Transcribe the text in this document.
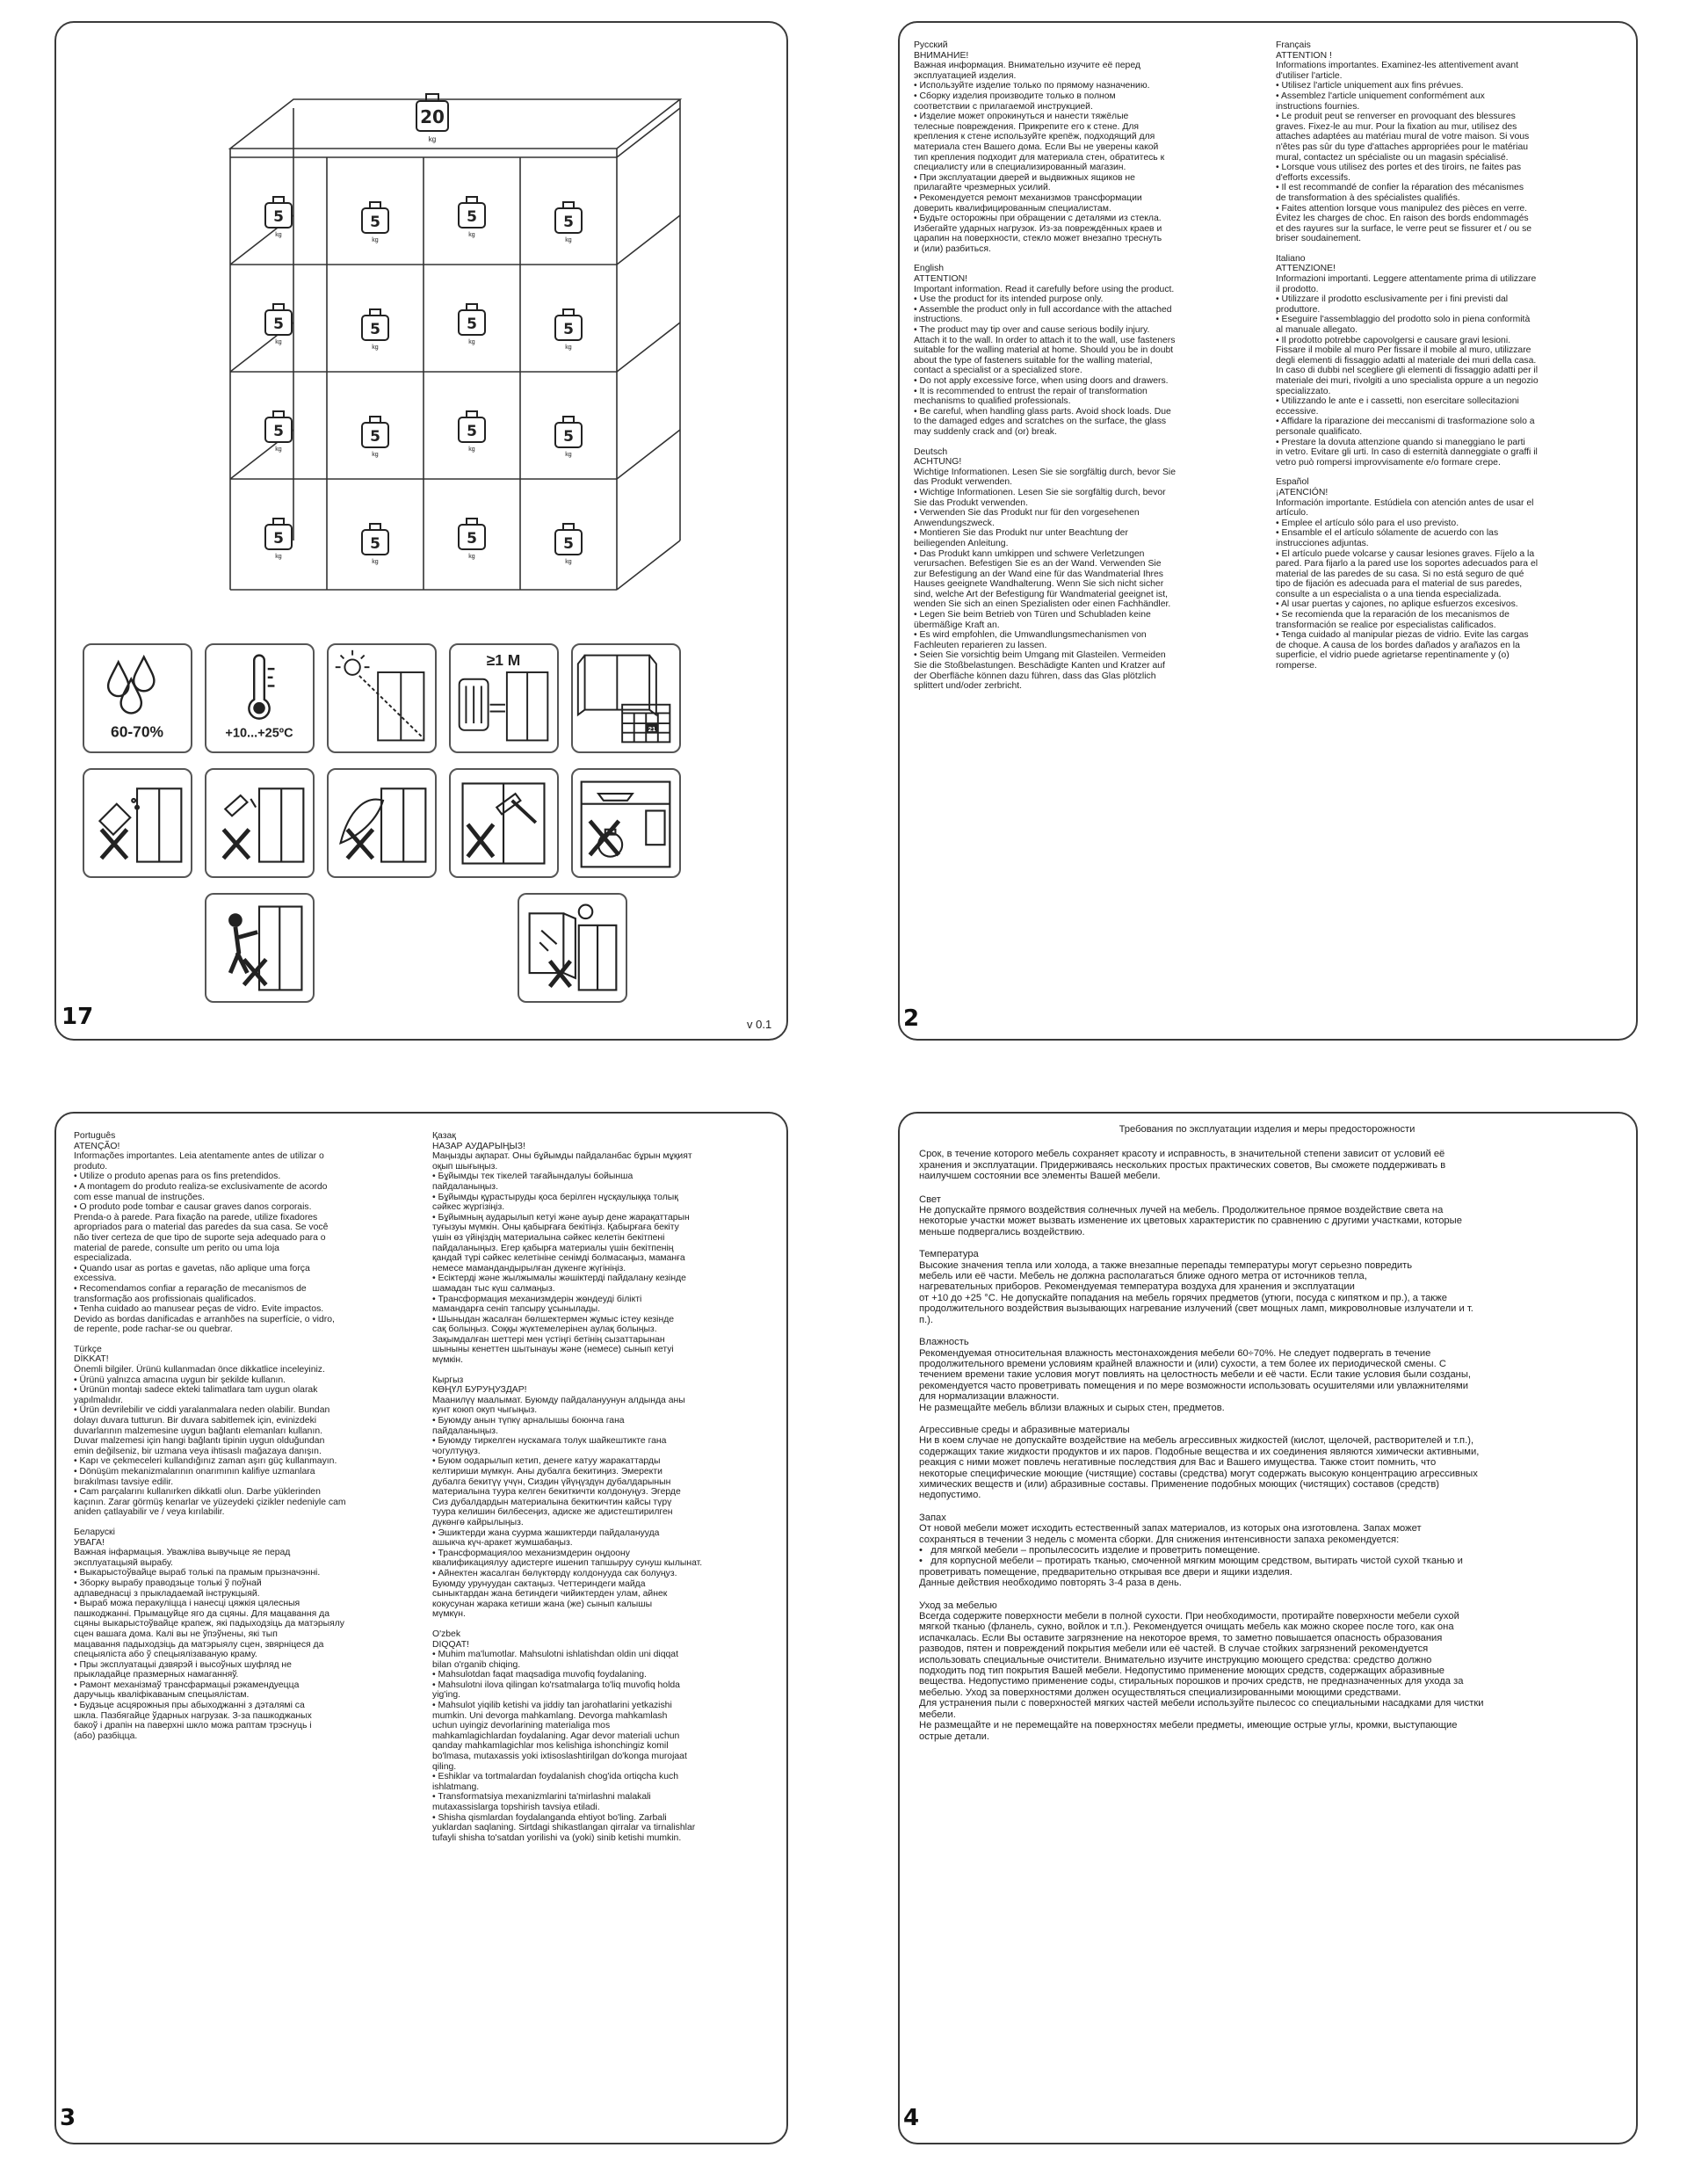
20
kg
5
kg
5
kg
5
kg
5
kg
5
kg
5
kg
5
kg
5
kg
5
kg
5
kg
5
kg
5
kg
5
kg
5
kg
5
kg
5
kg
60-70%	+10...+25ºC
≥1 M
21
17	v 0.1
Русский
ВНИМАНИЕ!
Важная информация. Внимательно изучите её перед
эксплуатацией изделия.
• Используйте изделие только по прямому назначению.
• Сборку изделия производите только в полном
соответствии с прилагаемой инструкцией.
• Изделие может опрокинуться и нанести тяжёлые
телесные повреждения. Прикрепите его к стене. Для
крепления к стене используйте крепёж, подходящий для
материала стен Вашего дома. Если Вы не уверены какой
тип крепления подходит для материала стен, обратитесь к
специалисту или в специализированный магазин.
• При эксплуатации дверей и выдвижных ящиков не
прилагайте чрезмерных усилий.
• Рекомендуется ремонт механизмов трансформации
доверить квалифицированным специалистам.
• Будьте осторожны при обращении с деталями из стекла.
Избегайте ударных нагрузок. Из-за повреждённых краев и
царапин на поверхности, стекло может внезапно треснуть
и (или) разбиться.
English
ATTENTION!
Important information. Read it carefully before using the product.
• Use the product for its intended purpose only.
• Assemble the product only in full accordance with the attached
instructions.
• The product may tip over and cause serious bodily injury.
Attach it to the wall. In order to attach it to the wall, use fasteners
suitable for the walling material at home. Should you be in doubt
about the type of fasteners suitable for the walling material,
contact a specialist or a specialized store.
• Do not apply excessive force, when using doors and drawers.
• It is recommended to entrust the repair of transformation
mechanisms to qualified professionals.
• Be careful, when handling glass parts. Avoid shock loads. Due
to the damaged edges and scratches on the surface, the glass
may suddenly crack and (or) break.
Deutsch
ACHTUNG!
Wichtige Informationen. Lesen Sie sie sorgfältig durch, bevor Sie
das Produkt verwenden.
• Wichtige Informationen. Lesen Sie sie sorgfältig durch, bevor
Sie das Produkt verwenden.
• Verwenden Sie das Produkt nur für den vorgesehenen
Anwendungszweck.
• Montieren Sie das Produkt nur unter Beachtung der
beiliegenden Anleitung.
• Das Produkt kann umkippen und schwere Verletzungen
verursachen. Befestigen Sie es an der Wand. Verwenden Sie
zur Befestigung an der Wand eine für das Wandmaterial Ihres
Hauses geeignete Wandhalterung. Wenn Sie sich nicht sicher
sind, welche Art der Befestigung für Wandmaterial geeignet ist,
wenden Sie sich an einen Spezialisten oder einen Fachhändler.
• Legen Sie beim Betrieb von Türen und Schubladen keine
übermäßige Kraft an.
• Es wird empfohlen, die Umwandlungsmechanismen von
Fachleuten reparieren zu lassen.
• Seien Sie vorsichtig beim Umgang mit Glasteilen. Vermeiden
Sie die Stoßbelastungen. Beschädigte Kanten und Kratzer auf
der Oberfläche können dazu führen, dass das Glas plötzlich
splittert und/oder zerbricht.
Français
ATTENTION !
Informations importantes. Examinez-les attentivement avant
d'utiliser l'article.
• Utilisez l'article uniquement aux fins prévues.
• Assemblez l'article uniquement conformément aux
instructions fournies.
• Le produit peut se renverser en provoquant des blessures
graves. Fixez-le au mur. Pour la fixation au mur, utilisez des
attaches adaptées au matériau mural de votre maison. Si vous
n'êtes pas sûr du type d'attaches appropriées pour le matériau
mural, contactez un spécialiste ou un magasin spécialisé.
• Lorsque vous utilisez des portes et des tiroirs, ne faites pas
d'efforts excessifs.
• Il est recommandé de confier la réparation des mécanismes
de transformation à des spécialistes qualifiés.
• Faites attention lorsque vous manipulez des pièces en verre.
Évitez les charges de choc. En raison des bords endommagés
et des rayures sur la surface, le verre peut se fissurer et / ou se
briser soudainement.
Italiano
ATTENZIONE!
Informazioni importanti. Leggere attentamente prima di utilizzare
il prodotto.
• Utilizzare il prodotto esclusivamente per i fini previsti dal
produttore.
• Eseguire l'assemblaggio del prodotto solo in piena conformità
al manuale allegato.
• Il prodotto potrebbe capovolgersi e causare gravi lesioni.
Fissare il mobile al muro Per fissare il mobile al muro, utilizzare
degli elementi di fissaggio adatti al materiale dei muri della casa.
In caso di dubbi nel scegliere gli elementi di fissaggio adatti per il
materiale dei muri, rivolgiti a uno specialista oppure a un negozio
specializzato.
• Utilizzando le ante e i cassetti, non esercitare sollecitazioni
eccessive.
• Affidare la riparazione dei meccanismi di trasformazione solo a
personale qualificato.
• Prestare la dovuta attenzione quando si maneggiano le parti
in vetro. Evitare gli urti. In caso di esternità danneggiate o graffi il
vetro può rompersi improvvisamente e/o formare crepe.
Español
¡ATENCIÓN!
Información importante. Estúdiela con atención antes de usar el
artículo.
• Emplee el artículo sólo para el uso previsto.
• Ensamble el el artículo sólamente de acuerdo con las
instrucciones adjuntas.
• El artículo puede volcarse y causar lesiones graves. Fíjelo a la
pared. Para fijarlo a la pared use los soportes adecuados para el
material de las paredes de su casa. Si no está seguro de qué
tipo de fijación es adecuada para el material de sus paredes,
consulte a un especialista o a una tienda especializada.
• Al usar puertas y cajones, no aplique esfuerzos excesivos.
• Se recomienda que la reparación de los mecanismos de
transformación se realice por especialistas calificados.
• Tenga cuidado al manipular piezas de vidrio. Evite las cargas
de choque. A causa de los bordes dañados y arañazos en la
superficie, el vidrio puede agrietarse repentinamente y (o)
romperse.
2
Português
ATENÇÃO!
Informações importantes. Leia atentamente antes de utilizar o
produto.
• Utilize o produto apenas para os fins pretendidos.
• A montagem do produto realiza-se exclusivamente de acordo
com esse manual de instruções.
• O produto pode tombar e causar graves danos corporais.
Prenda-o à parede. Para fixação na parede, utilize fixadores
apropriados para o material das paredes da sua casa. Se você
não tiver certeza de que tipo de suporte seja adequado para o
material de parede, consulte um perito ou uma loja
especializada.
• Quando usar as portas e gavetas, não aplique uma força
excessiva.
• Recomendamos confiar a reparação de mecanismos de
transformação aos profissionais qualificados.
• Tenha cuidado ao manusear peças de vidro. Evite impactos.
Devido as bordas danificadas e arranhões na superfície, o vidro,
de repente, pode rachar-se ou quebrar.
Türkçe
DİKKAT!
Önemli bilgiler. Ürünü kullanmadan önce dikkatlice inceleyiniz.
• Ürünü yalnızca amacına uygun bir şekilde kullanın.
• Ürünün montajı sadece ekteki talimatlara tam uygun olarak
yapılmalıdır.
• Ürün devrilebilir ve ciddi yaralanmalara neden olabilir. Bundan
dolayı duvara tutturun. Bir duvara sabitlemek için, evinizdeki
duvarlarının malzemesine uygun bağlantı elemanları kullanın.
Duvar malzemesi için hangi bağlantı tipinin uygun olduğundan
emin değilseniz, bir uzmana veya ihtisaslı mağazaya danışın.
• Kapı ve çekmeceleri kullandığınız zaman aşırı güç kullanmayın.
• Dönüşüm mekanizmalarının onarımının kalifiye uzmanlara
bırakılması tavsiye edilir.
• Cam parçalarını kullanırken dikkatli olun. Darbe yüklerinden
kaçının. Zarar görmüş kenarlar ve yüzeydeki çizikler nedeniyle cam
aniden çatlayabilir ve / veya kırılabilir.
Беларускі
УВАГА!
Важная інфармацыя. Уважліва вывучыце яе перад
эксплуатацыяй вырабу.
• Выкарыстоўвайце выраб толькі па прамым прызначэнні.
• Зборку вырабу праводзьце толькі ў поўнай
адпаведнасці з прыкладаемай інструкцыяй.
• Выраб можа перакуліцца і нанесці цяжкія цялесныя
пашкоджанні. Прымацуйце яго да сцяны. Для мацавання да
сцяны выкарыстоўвайце крапеж, які падыходзіць да матэрыялу
сцен вашага дома. Калі вы не ўпэўнены, які тып
мацавання падыходзіць да матэрыялу сцен, звярніцеся да
спецыяліста або ў спецыялізаваную краму.
• Пры эксплуатацыі дзвярэй і высоўных шуфляд не
прыкладайце празмерных намаганняў.
• Рамонт механізмаў трансфармацыі рэкамендуецца
даручыць кваліфікаваным спецыялістам.
• Будзьце асцярожныя пры абыходжанні з дэталямі са
шкла. Пазбягайце ўдарных нагрузак. З-за пашкоджаных
бакоў і драпін на паверхні шкло можа раптам трэснуць і
(або) разбіцца.
Қазақ
НАЗАР АУДАРЫҢЫЗ!
Маңызды ақпарат. Оны бұйымды пайдаланбас бұрын мұқият
оқып шығыңыз.
• Бұйымды тек тікелей тағайындалуы бойынша
пайдаланыңыз.
• Бұйымды құрастыруды қоса берілген нұсқаулыққа толық
сәйкес жүргізіңіз.
• Бұйымның аударылып кетуі және ауыр дене жарақаттарын
туғызуы мүмкін. Оны қабырғаға бекітіңіз. Қабырғаға бекіту
үшін өз үйіңіздің материалына сәйкес келетін бекітпені
пайдаланыңыз. Егер қабырға материалы үшін бекітпенің
қандай түрі сәйкес келетініне сенімді болмасаңыз, маманға
немесе мамандандырылған дүкенге жүгініңіз.
• Есіктерді және жылжымалы жәшіктерді пайдалану кезінде
шамадан тыс күш салмаңыз.
• Трансформация механизмдерін жөндеуді білікті
мамандарға сеніп тапсыру ұсынылады.
• Шыныдан жасалған бөлшектермен жұмыс істеу кезінде
сақ болыңыз. Соққы жүктемелерінен аулақ болыңыз.
Зақымдалған шеттері мен үстіңгі бетінің сызаттарынан
шыныны кенеттен шытынауы және (немесе) сынып кетуі
мүмкін.
Кыргыз
КӨҢҮЛ БУРУҢУЗДАР!
Маанилүү маалымат. Буюмду пайдалануунун алдында аны
кунт коюп окуп чыгыңыз.
• Буюмду анын түпкү арналышы боюнча гана
пайдаланыңыз.
• Буюмду тиркелген нускамага толук шайкештикте гана
чогултуңуз.
• Буюм оодарылып кетип, денеге катуу жаракаттарды
келтириши мүмкүн. Аны дубалга бекитиңиз. Эмеректи
дубалга бекитүү үчүн, Сиздин үйүңүздүн дубалдарынын
материалына туура келген бекиткичти колдонуңуз. Эгерде
Сиз дубалдардын материалына бекиткичтин кайсы түрү
туура келишин билбесеңиз, адиске же адистештирилген
дүкөнгө кайрылыңыз.
• Эшиктерди жана суурма жашиктерди пайдаланууда
ашыкча күч-аракет жумшабаңыз.
• Трансформациялоо механизмдерин оңдоону
квалификациялуу адистерге ишенип тапшыруу сунуш кылынат.
• Айнектен жасалган бөлүктөрдү колдонууда сак болуңуз.
Буюмду урунуудан сактаңыз. Четтериндеги майда
сыныктардан жана бетиндеги чийиктерден улам, айнек
кокусунан жарака кетиши жана (же) сынып калышы
мүмкүн.
O'zbek
DIQQAT!
• Muhim ma'lumotlar. Mahsulotni ishlatishdan oldin uni diqqat
bilan o'rganib chiqing.
• Mahsulotdan faqat maqsadiga muvofiq foydalaning.
• Mahsulotni ilova qilingan ko'rsatmalarga to'liq muvofiq holda
yig'ing.
• Mahsulot yiqilib ketishi va jiddiy tan jarohatlarini yetkazishi
mumkin. Uni devorga mahkamlang. Devorga mahkamlash
uchun uyingiz devorlarining materialiga mos
mahkamlagichlardan foydalaning. Agar devor materiali uchun
qanday mahkamlagichlar mos kelishiga ishonchingiz komil
bo'lmasa, mutaxassis yoki ixtisoslashtirilgan do'konga murojaat
qiling.
• Eshiklar va tortmalardan foydalanish chog'ida ortiqcha kuch
ishlatmang.
• Transformatsiya mexanizmlarini ta'mirlashni malakali
mutaxassislarga topshirish tavsiya etiladi.
• Shisha qismlardan foydalanganda ehtiyot bo'ling. Zarbali
yuklardan saqlaning. Sirtdagi shikastlangan qirralar va tirnalishlar
tufayli shisha to'satdan yorilishi va (yoki) sinib ketishi mumkin.
3
Требования по эксплуатации изделия и меры предосторожности
Срок, в течение которого мебель сохраняет красоту и исправность, в значительной степени зависит от условий её
хранения и эксплуатации. Придерживаясь нескольких простых практических советов, Вы сможете поддерживать в
наилучшем состоянии все элементы Вашей мебели.
Свет
Не допускайте прямого воздействия солнечных лучей на мебель. Продолжительное прямое воздействие света на
некоторые участки может вызвать изменение их цветовых характеристик по сравнению с другими участками, которые
меньше подвергались воздействию.
Температура
Высокие значения тепла или холода, а также внезапные перепады температуры могут серьезно повредить
мебель или её части. Мебель не должна располагаться ближе одного метра от источников тепла,
нагревательных приборов. Рекомендуемая температура воздуха для хранения и эксплуатации
от +10 до +25 °С. Не допускайте попадания на мебель горячих предметов (утюги, посуда с кипятком и пр.), а также
продолжительного воздействия вызывающих нагревание излучений (свет мощных ламп, микроволновые излучатели и т.
п.).
Влажность
Рекомендуемая относительная влажность местонахождения мебели 60÷70%. Не следует подвергать в течение
продолжительного времени условиям крайней влажности и (или) сухости, а тем более их периодической смены. С
течением времени такие условия могут повлиять на целостность мебели и её части. Если такие условия были созданы,
рекомендуется часто проветривать помещения и по мере возможности использовать осушителями или увлажнителями
для нормализации влажности.
Не размещайте мебель вблизи влажных и сырых стен, предметов.
Агрессивные среды и абразивные материалы
Ни в коем случае не допускайте воздействие на мебель агрессивных жидкостей (кислот, щелочей, растворителей и т.п.),
содержащих такие жидкости продуктов и их паров. Подобные вещества и их соединения являются химически активными,
реакция с ними может повлечь негативные последствия для Вас и Вашего имущества. Также стоит помнить, что
некоторые специфические моющие (чистящие) составы (средства) могут содержать высокую концентрацию агрессивных
химических веществ и (или) абразивные составы. Применение подобных моющих (чистящих) составов (средств)
недопустимо.
Запах
От новой мебели может исходить естественный запах материалов, из которых она изготовлена. Запах может
сохраняться в течении 3 недель с момента сборки. Для снижения интенсивности запаха рекомендуется:
•   для мягкой мебели – пропылесосить изделие и проветрить помещение.
•   для корпусной мебели – протирать тканью, смоченной мягким моющим средством, вытирать чистой сухой тканью и
проветривать помещение, предварительно открывая все двери и ящики изделия.
Данные действия необходимо повторять 3-4 раза в день.
Уход за мебелью
Всегда содержите поверхности мебели в полной сухости. При необходимости, протирайте поверхности мебели сухой
мягкой тканью (фланель, сукно, войлок и т.п.). Рекомендуется очищать мебель как можно скорее после того, как она
испачкалась. Если Вы оставите загрязнение на некоторое время, то заметно повышается опасность образования
разводов, пятен и повреждений покрытия мебели или её частей. В случае стойких загрязнений рекомендуется
использовать специальные очистители. Внимательно изучите инструкцию моющего средства: средство должно
подходить под тип покрытия Вашей мебели. Недопустимо применение моющих средств, содержащих абразивные
вещества. Недопустимо применение соды, стиральных порошков и прочих средств, не предназначенных для ухода за
мебелью. Уход за поверхностями должен осуществляться специализированными моющими средствами.
Для устранения пыли с поверхностей мягких частей мебели используйте пылесос со специальными насадками для чистки
мебели.
Не размещайте и не перемещайте на поверхностях мебели предметы, имеющие острые углы, кромки, выступающие
острые детали.
4
